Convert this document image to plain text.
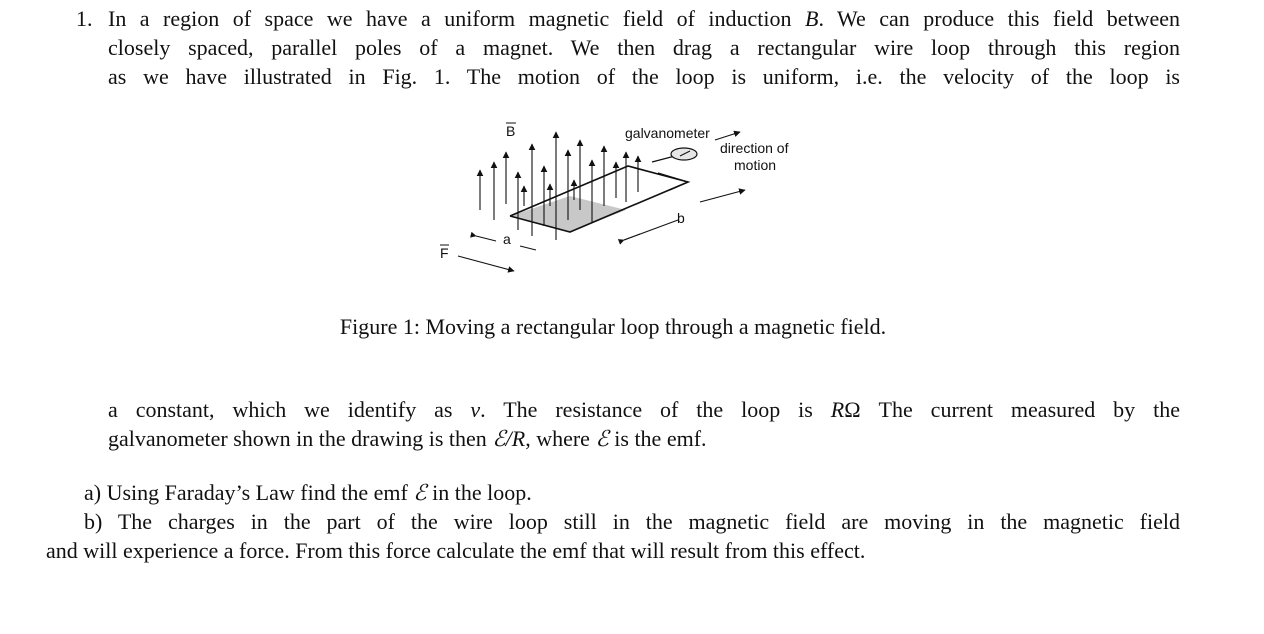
1. In a region of space we have a uniform magnetic field of induction B. We can produce this field between
closely spaced, parallel poles of a magnet. We then drag a rectangular wire loop through this region
as we have illustrated in Fig. 1. The motion of the loop is uniform, i.e. the velocity of the loop is
B	galvanometer
direction of
motion
b
a
F
Figure 1: Moving a rectangular loop through a magnetic field.
a constant, which we identify as v. The resistance of the loop is RΩ The current measured by the
galvanometer shown in the drawing is then ℰ/R, where ℰ is the emf.
a) Using Faraday’s Law find the emf ℰ in the loop.
b) The charges in the part of the wire loop still in the magnetic field are moving in the magnetic field
and will experience a force. From this force calculate the emf that will result from this effect.
